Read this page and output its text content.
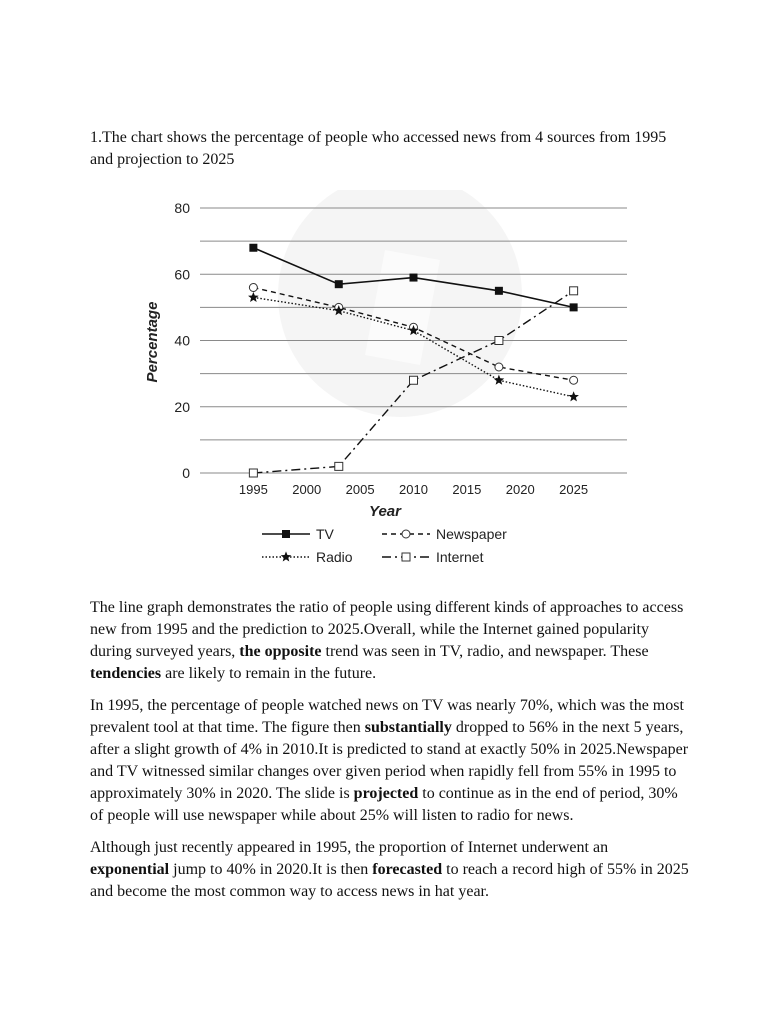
1.The chart shows the percentage of people who accessed news from 4 sources from 1995 and projection to 2025

0
20
40
60
80
1995 2000 2005 2010 2015 2020 2025
Percentage
Year
TV	Newspaper
Radio	Internet

The line graph demonstrates the ratio of people using different kinds of approaches to access new from 1995 and the prediction to 2025.Overall, while the Internet gained popularity during surveyed years, the opposite trend was seen in TV, radio, and newspaper. These tendencies are likely to remain in the future.

In 1995, the percentage of people watched news on TV was nearly 70%, which was the most prevalent tool at that time. The figure then substantially dropped to 56% in the next 5 years, after a slight growth of 4% in 2010.It is predicted to stand at exactly 50% in 2025.Newspaper and TV witnessed similar changes over given period when rapidly fell from 55% in 1995 to approximately 30% in 2020. The slide is projected to continue as in the end of period, 30% of people will use newspaper while about 25% will listen to radio for news.

Although just recently appeared in 1995, the proportion of Internet underwent an exponential jump to 40% in 2020.It is then forecasted to reach a record high of 55% in 2025 and become the most common way to access news in hat year.
